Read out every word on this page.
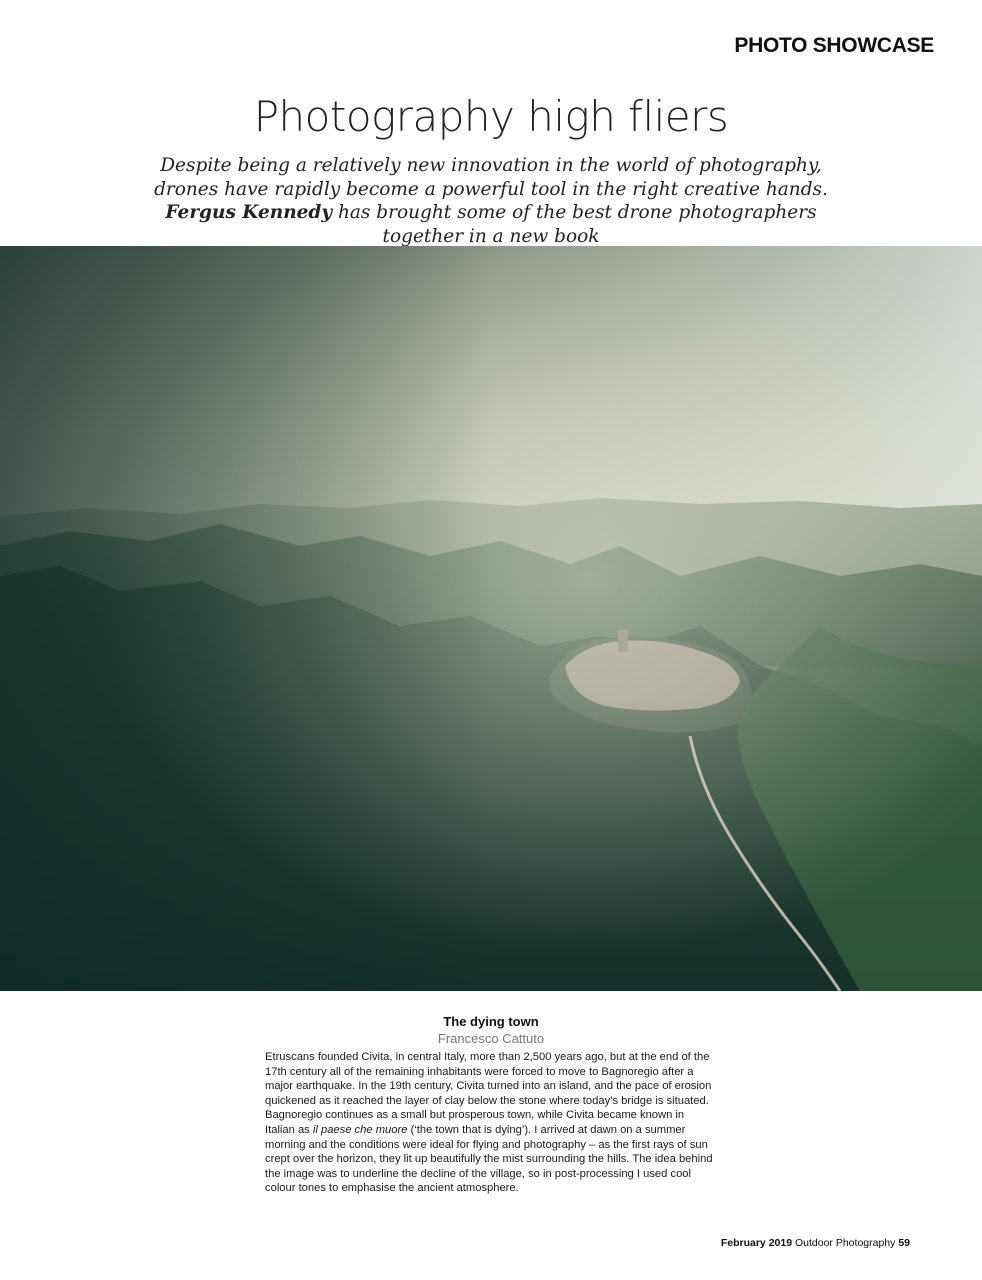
PHOTO SHOWCASE
Photography high fliers
Despite being a relatively new innovation in the world of photography, drones have rapidly become a powerful tool in the right creative hands. Fergus Kennedy has brought some of the best drone photographers together in a new book
The dying town
Francesco Cattuto
Etruscans founded Civita, in central Italy, more than 2,500 years ago, but at the end of the 17th century all of the remaining inhabitants were forced to move to Bagnoregio after a major earthquake. In the 19th century, Civita turned into an island, and the pace of erosion quickened as it reached the layer of clay below the stone where today’s bridge is situated. Bagnoregio continues as a small but prosperous town, while Civita became known in Italian as il paese che muore (‘the town that is dying’). I arrived at dawn on a summer morning and the conditions were ideal for flying and photography – as the first rays of sun crept over the horizon, they lit up beautifully the mist surrounding the hills. The idea behind the image was to underline the decline of the village, so in post-processing I used cool colour tones to emphasise the ancient atmosphere.
February 2019 Outdoor Photography 59
